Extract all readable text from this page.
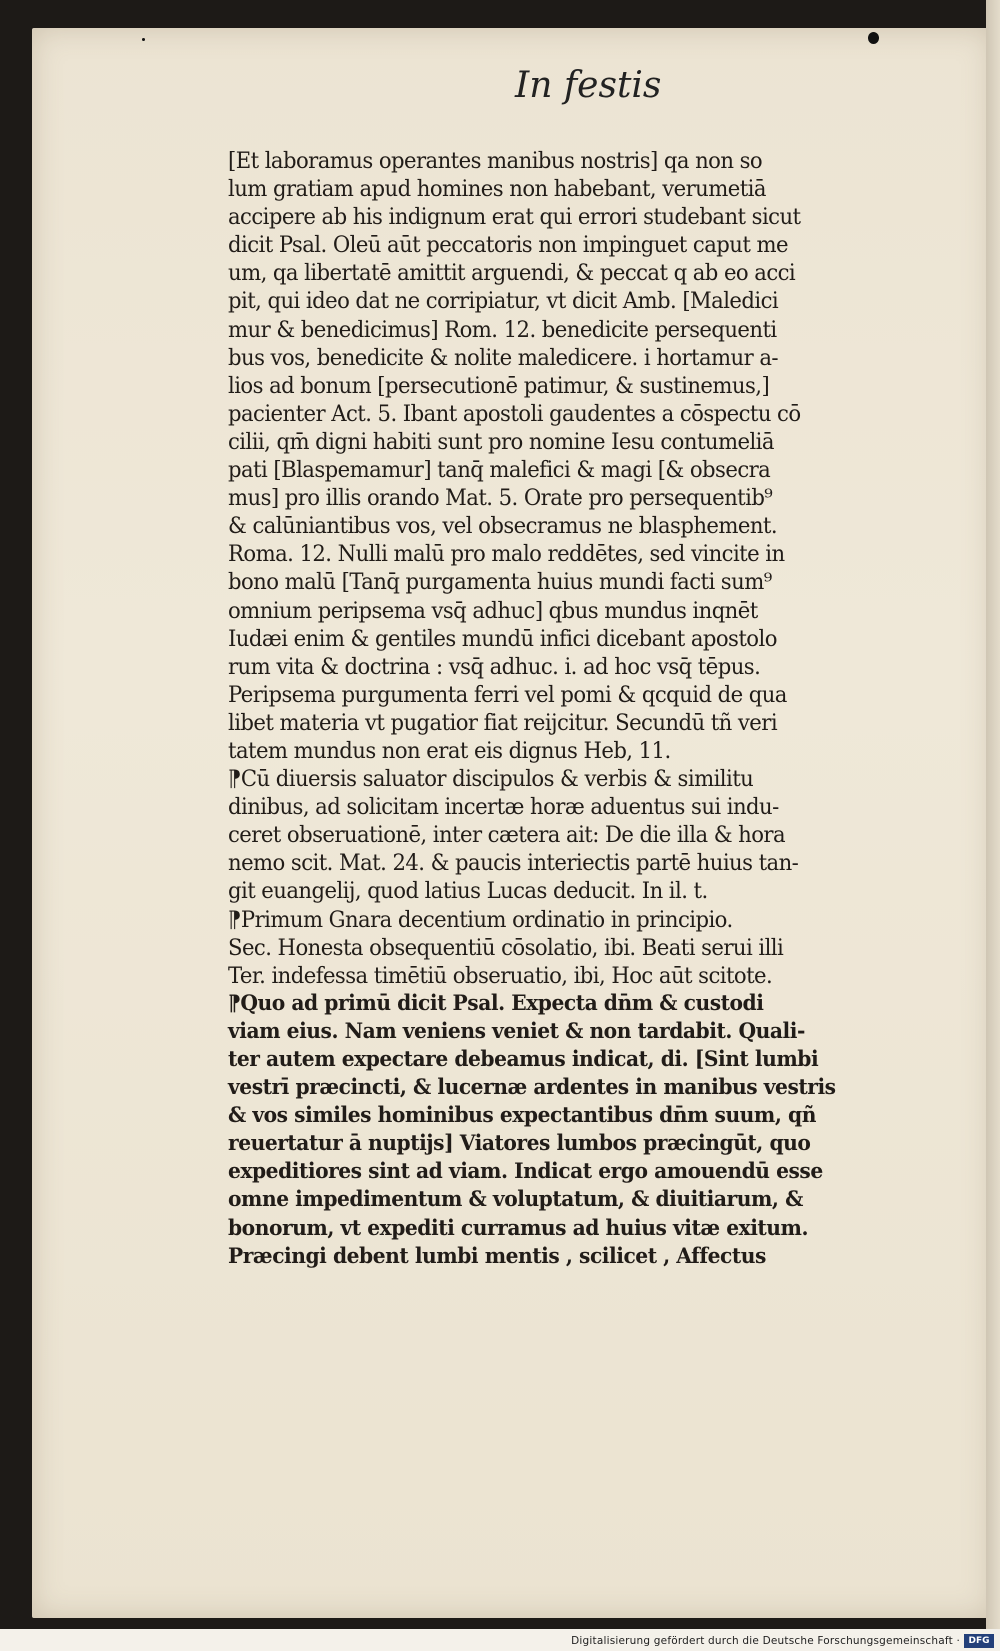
In festis
[Et laboramus operantes manibus nostris] qa non so
lum gratiam apud homines non habebant, verumetiā
accipere ab his indignum erat qui errori studebant sicut
dicit Psal. Oleū aūt peccatoris non impinguet caput me
um, qa libertatē amittit arguendi, & peccat q ab eo acci
pit, qui ideo dat ne corripiatur, vt dicit Amb. [Maledici
mur & benedicimus] Rom. 12. benedicite persequenti
bus vos, benedicite & nolite maledicere. i hortamur a-
lios ad bonum [persecutionē patimur, & sustinemus,]
pacienter Act. 5. Ibant apostoli gaudentes a cōspectu cō
cilii, qm̄ digni habiti sunt pro nomine Iesu contumeliā
pati [Blaspemamur] tanq̄ malefici & magi [& obsecra
mus] pro illis orando Mat. 5. Orate pro persequentib⁹
& calūniantibus vos, vel obsecramus ne blasphement.
Roma. 12. Nulli malū pro malo reddētes, sed vincite in
bono malū [Tanq̄ purgamenta huius mundi facti sum⁹
omnium peripsema vsq̄ adhuc] qbus mundus inqnēt
Iudæi enim & gentiles mundū infici dicebant apostolo
rum vita & doctrina : vsq̄ adhuc. i. ad hoc vsq̄ tēpus.
Peripsema purgumenta ferri vel pomi & qcquid de qua
libet materia vt pugatior fiat reijcitur. Secundū tñ veri
tatem mundus non erat eis dignus Heb, 11.
⁋Cū diuersis saluator discipulos & verbis & similitu
dinibus, ad solicitam incertæ horæ aduentus sui indu-
ceret obseruationē, inter cætera ait: De die illa & hora
nemo scit. Mat. 24. & paucis interiectis partē huius tan-
git euangelij, quod latius Lucas deducit. In il. t.
⁋Primum Gnara decentium ordinatio in principio.
Sec. Honesta obsequentiū cōsolatio, ibi. Beati serui illi
Ter. indefessa timētiū obseruatio, ibi, Hoc aūt scitote.
⁋Quo ad primū dicit Psal. Expecta dn̄m & custodi
viam eius. Nam veniens veniet & non tardabit. Quali-
ter autem expectare debeamus indicat, di. [Sint lumbi
vestrī præcincti, & lucernæ ardentes in manibus vestris
& vos similes hominibus expectantibus dn̄m suum, qñ
reuertatur ā nuptijs] Viatores lumbos præcingūt, quo
expeditiores sint ad viam. Indicat ergo amouendū esse
omne impedimentum & voluptatum, & diuitiarum, &
bonorum, vt expediti curramus ad huius vitæ exitum.
Præcingi debent lumbi mentis , scilicet , Affectus
Digitalisierung gefördert durch die Deutsche Forschungsgemeinschaft · DFG
